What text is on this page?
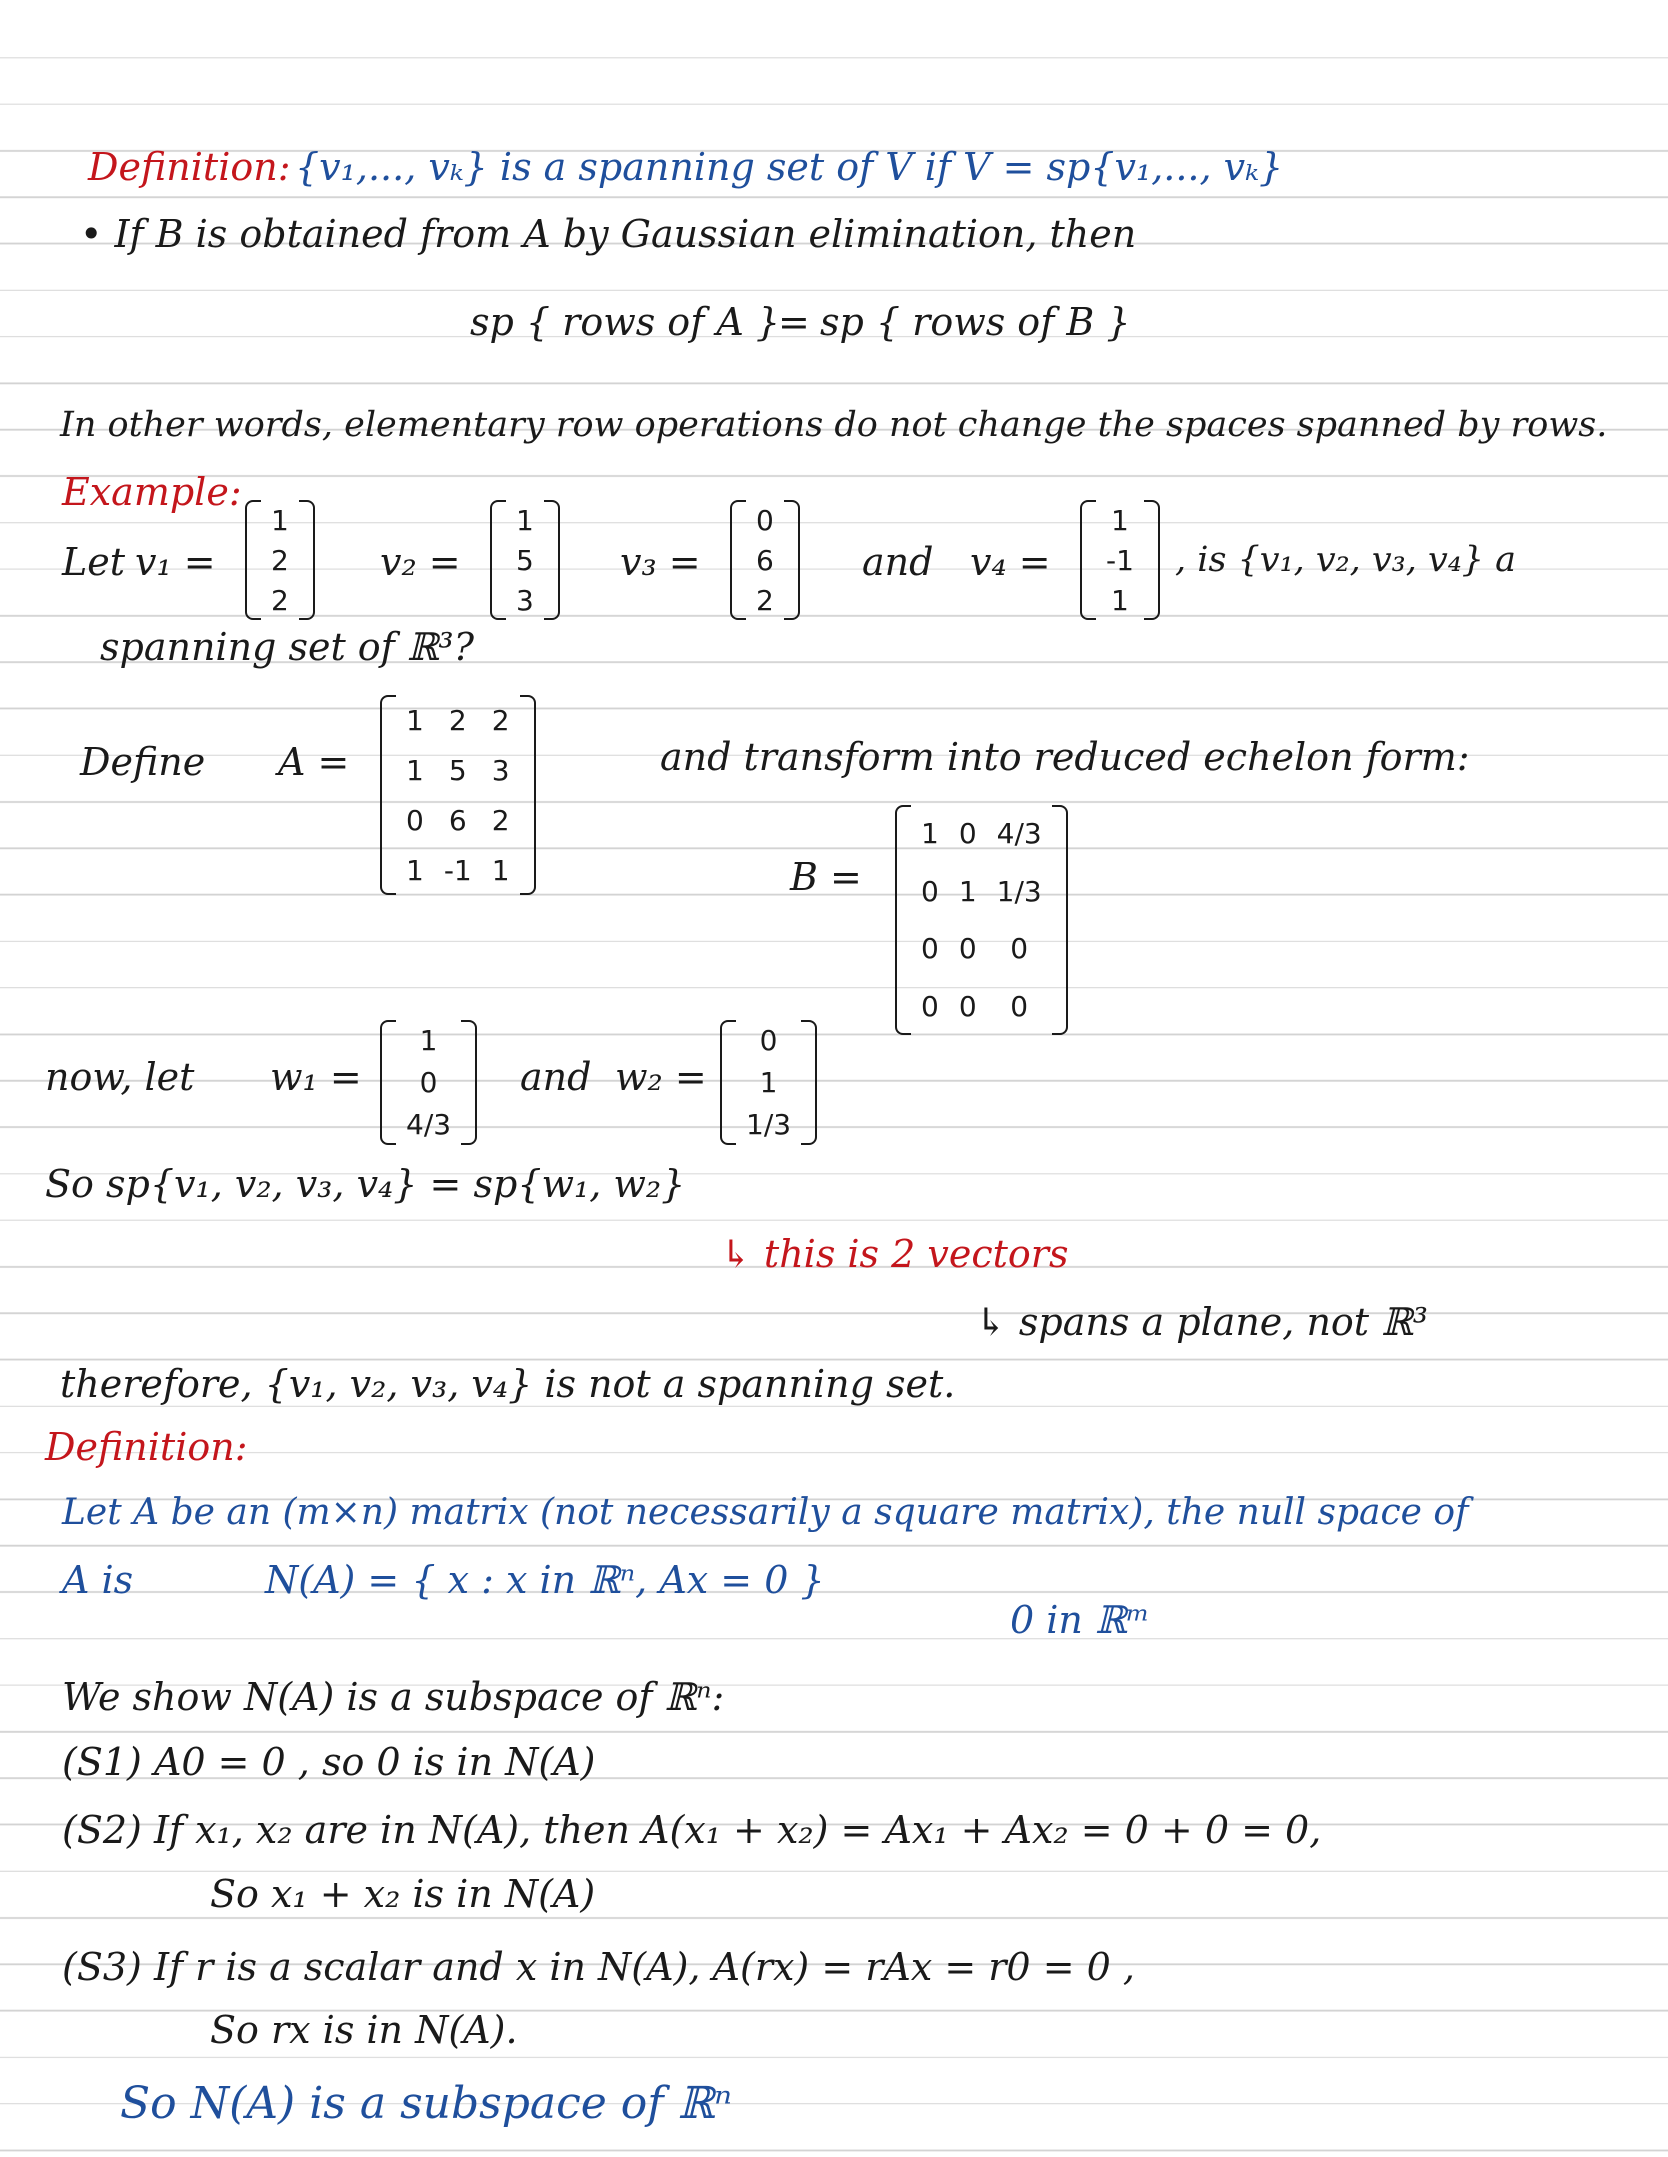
Definition: {v₁,..., vₖ} is a spanning set of V if V = sp{v₁,..., vₖ}
• If B is obtained from A by Gaussian elimination, then
sp { rows of A }
= sp { rows of B }
In other words, elementary row operations do not change the spaces spanned by rows.
Example:
Let v₁ =
1
2
2
v₂ =
1
5
3
v₃ =
0
6
2
and v₄ =
1
-1
1
, is {v₁, v₂, v₃, v₄} a
spanning set of ℝ³?
Define A =
1	2	2
1	5	3
0	6	2
1	-1	1
and transform into reduced echelon form:
B =
1	0	4/3
0	1	1/3
0	0	0
0	0	0
now, let w₁ =
1
0
4/3
and w₂ =
0
1
1/3
So sp{v₁, v₂, v₃, v₄} = sp{w₁, w₂}
↳ this is 2 vectors
↳ spans a plane, not ℝ³
therefore, {v₁, v₂, v₃, v₄} is not a spanning set.
Definition:
Let A be an (m×n) matrix (not necessarily a square matrix), the null space of
A is	N(A) = { x : x in ℝⁿ, Ax = 0 }
0 in ℝᵐ
We show N(A) is a subspace of ℝⁿ:
(S1) A0 = 0 , so 0 is in N(A)
(S2) If x₁, x₂ are in N(A), then A(x₁ + x₂) = Ax₁ + Ax₂ = 0 + 0 = 0,
So x₁ + x₂ is in N(A)
(S3) If r is a scalar and x in N(A), A(rx) = rAx = r0 = 0 ,
So rx is in N(A).
So N(A) is a subspace of ℝⁿ
